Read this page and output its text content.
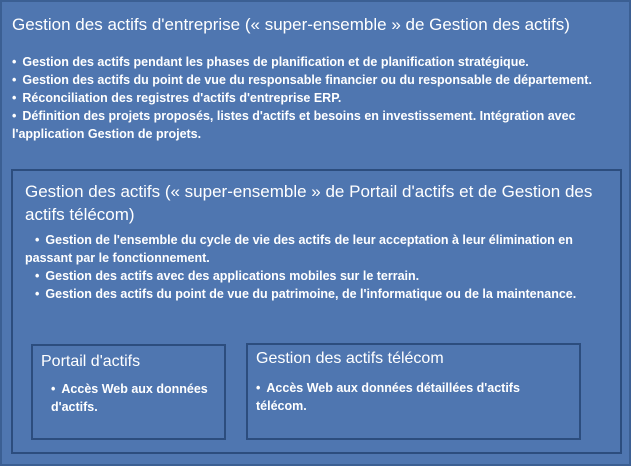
Gestion des actifs d'entreprise (« super-ensemble » de Gestion des actifs)
• Gestion des actifs pendant les phases de planification et de planification stratégique.
• Gestion des actifs du point de vue du responsable financier ou du responsable de département.
• Réconciliation des registres d'actifs d'entreprise ERP.
• Définition des projets proposés, listes d'actifs et besoins en investissement. Intégration avec l'application Gestion de projets.
Gestion des actifs (« super-ensemble » de Portail d'actifs et de Gestion des actifs télécom)
• Gestion de l'ensemble du cycle de vie des actifs de leur acceptation à leur élimination en passant par le fonctionnement.
• Gestion des actifs avec des applications mobiles sur le terrain.
• Gestion des actifs du point de vue du patrimoine, de l'informatique ou de la maintenance.
Portail d'actifs
• Accès Web aux données d'actifs.
Gestion des actifs télécom
• Accès Web aux données détaillées d'actifs télécom.
